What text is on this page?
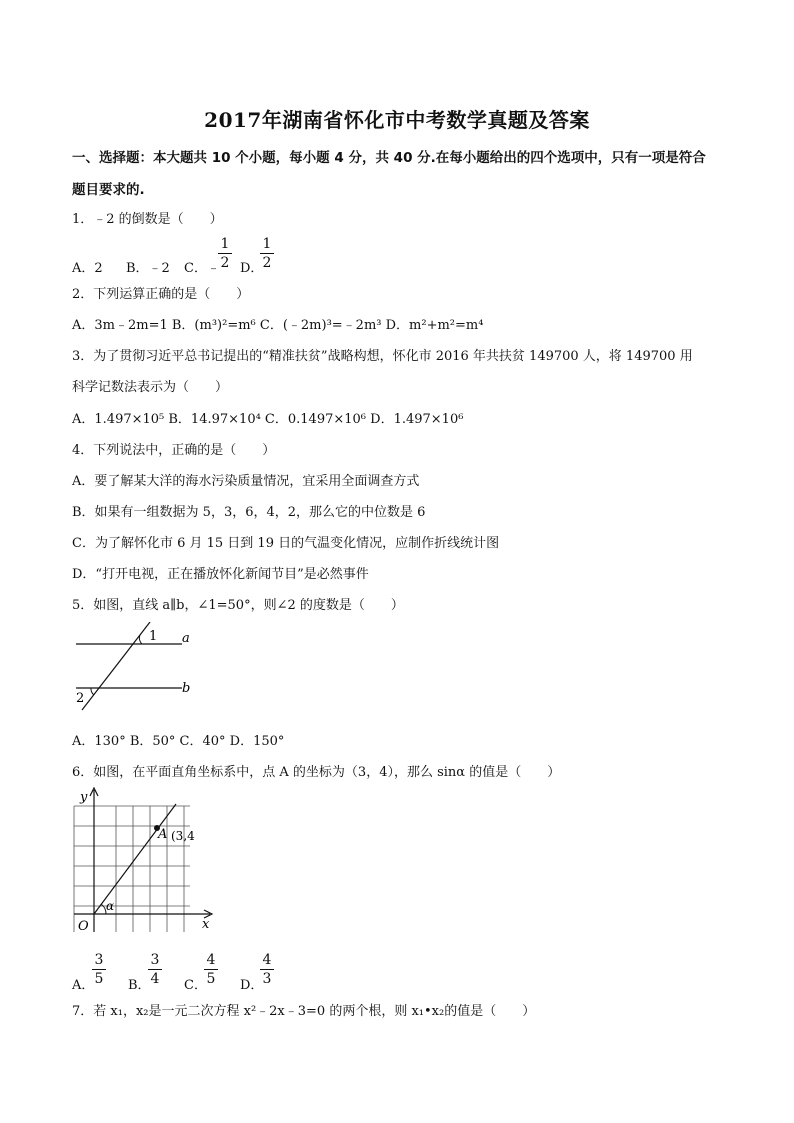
2017年湖南省怀化市中考数学真题及答案
一、选择题：本大题共 10 个小题，每小题 4 分，共 40 分.在每小题给出的四个选项中，只有一项是符合
题目要求的.
1．﹣2 的倒数是（　　）
A．2 B．﹣2 C．﹣
1
2 D．
1
2
2．下列运算正确的是（　　）
A．3m﹣2m=1 B．(m³)²=m⁶ C．(﹣2m)³=﹣2m³ D．m²+m²=m⁴
3．为了贯彻习近平总书记提出的“精准扶贫”战略构想，怀化市 2016 年共扶贫 149700 人，将 149700 用
科学记数法表示为（　　）
A．1.497×10⁵ B．14.97×10⁴ C．0.1497×10⁶ D．1.497×10⁶
4．下列说法中，正确的是（　　）
A．要了解某大洋的海水污染质量情况，宜采用全面调查方式
B．如果有一组数据为 5，3，6，4，2，那么它的中位数是 6
C．为了解怀化市 6 月 15 日到 19 日的气温变化情况，应制作折线统计图
D．“打开电视，正在播放怀化新闻节目”是必然事件
5．如图，直线 a∥b，∠1=50°，则∠2 的度数是（　　）
1
2
a
b
A．130° B．50° C．40° D．150°
6．如图，在平面直角坐标系中，点 A 的坐标为（3，4），那么 sinα 的值是（　　）
y
x
O
A (3,4
α
A．
3
5 B．
3
4 C．
4
5 D．
4
3
7．若 x₁，x₂是一元二次方程 x²﹣2x﹣3=0 的两个根，则 x₁•x₂的值是（　　）
